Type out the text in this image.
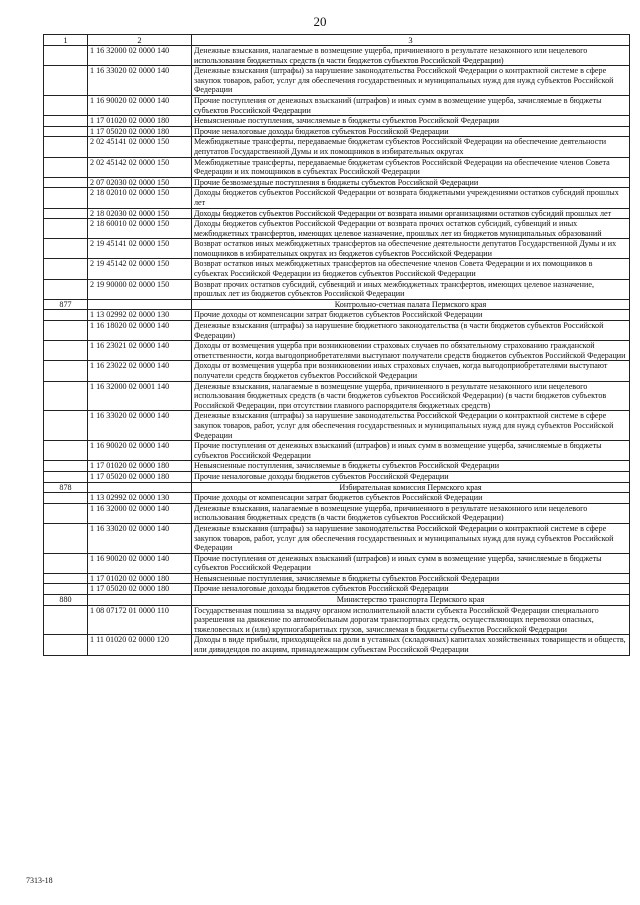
20
1	2	3
	1 16 32000 02 0000 140	Денежные взыскания, налагаемые в возмещение ущерба, причиненного в результате незаконного или нецелевого использования бюджетных средств (в части бюджетов субъектов Российской Федерации)
	1 16 33020 02 0000 140	Денежные взыскания (штрафы) за нарушение законодательства Российской Федерации о контрактной системе в сфере закупок товаров, работ, услуг для обеспечения государственных и муниципальных нужд для нужд субъектов Российской Федерации
	1 16 90020 02 0000 140	Прочие поступления от денежных взысканий (штрафов) и иных сумм в возмещение ущерба, зачисляемые в бюджеты субъектов Российской Федерации
	1 17 01020 02 0000 180	Невыясненные поступления, зачисляемые в бюджеты субъектов Российской Федерации
	1 17 05020 02 0000 180	Прочие неналоговые доходы бюджетов субъектов Российской Федерации
	2 02 45141 02 0000 150	Межбюджетные трансферты, передаваемые бюджетам субъектов Российской Федерации на обеспечение деятельности депутатов Государственной Думы и их помощников в избирательных округах
	2 02 45142 02 0000 150	Межбюджетные трансферты, передаваемые бюджетам субъектов Российской Федерации на обеспечение членов Совета Федерации и их помощников в субъектах Российской Федерации
	2 07 02030 02 0000 150	Прочие безвозмездные поступления в бюджеты субъектов Российской Федерации
	2 18 02010 02 0000 150	Доходы бюджетов субъектов Российской Федерации от возврата бюджетными учреждениями остатков субсидий прошлых лет
	2 18 02030 02 0000 150	Доходы бюджетов субъектов Российской Федерации от возврата иными организациями остатков субсидий прошлых лет
	2 18 60010 02 0000 150	Доходы бюджетов субъектов Российской Федерации от возврата прочих остатков субсидий, субвенций и иных межбюджетных трансфертов, имеющих целевое назначение, прошлых лет из бюджетов муниципальных образований
	2 19 45141 02 0000 150	Возврат остатков иных межбюджетных трансфертов на обеспечение деятельности депутатов Государственной Думы и их помощников в избирательных округах из бюджетов субъектов Российской Федерации
	2 19 45142 02 0000 150	Возврат остатков иных межбюджетных трансфертов на обеспечение членов Совета Федерации и их помощников в субъектах Российской Федерации из бюджетов субъектов Российской Федерации
	2 19 90000 02 0000 150	Возврат прочих остатков субсидий, субвенций и иных межбюджетных трансфертов, имеющих целевое назначение, прошлых лет из бюджетов субъектов Российской Федерации
877		Контрольно-счетная палата Пермского края
	1 13 02992 02 0000 130	Прочие доходы от компенсации затрат бюджетов субъектов Российской Федерации
	1 16 18020 02 0000 140	Денежные взыскания (штрафы) за нарушение бюджетного законодательства (в части бюджетов субъектов Российской Федерации)
	1 16 23021 02 0000 140	Доходы от возмещения ущерба при возникновении страховых случаев по обязательному страхованию гражданской ответственности, когда выгодоприобретателями выступают получатели средств бюджетов субъектов Российской Федерации
	1 16 23022 02 0000 140	Доходы от возмещения ущерба при возникновении иных страховых случаев, когда выгодоприобретателями выступают получатели средств бюджетов субъектов Российской Федерации
	1 16 32000 02 0001 140	Денежные взыскания, налагаемые в возмещение ущерба, причиненного в результате незаконного или нецелевого использования бюджетных средств (в части бюджетов субъектов Российской Федерации) (в части бюджетов субъектов Российской Федерации, при отсутствии главного распорядителя бюджетных средств)
	1 16 33020 02 0000 140	Денежные взыскания (штрафы) за нарушение законодательства Российской Федерации о контрактной системе в сфере закупок товаров, работ, услуг для обеспечения государственных и муниципальных нужд для нужд субъектов Российской Федерации
	1 16 90020 02 0000 140	Прочие поступления от денежных взысканий (штрафов) и иных сумм в возмещение ущерба, зачисляемые в бюджеты субъектов Российской Федерации
	1 17 01020 02 0000 180	Невыясненные поступления, зачисляемые в бюджеты субъектов Российской Федерации
	1 17 05020 02 0000 180	Прочие неналоговые доходы бюджетов субъектов Российской Федерации
878		Избирательная комиссия Пермского края
	1 13 02992 02 0000 130	Прочие доходы от компенсации затрат бюджетов субъектов Российской Федерации
	1 16 32000 02 0000 140	Денежные взыскания, налагаемые в возмещение ущерба, причиненного в результате незаконного или нецелевого использования бюджетных средств (в части бюджетов субъектов Российской Федерации)
	1 16 33020 02 0000 140	Денежные взыскания (штрафы) за нарушение законодательства Российской Федерации о контрактной системе в сфере закупок товаров, работ, услуг для обеспечения государственных и муниципальных нужд для нужд субъектов Российской Федерации
	1 16 90020 02 0000 140	Прочие поступления от денежных взысканий (штрафов) и иных сумм в возмещение ущерба, зачисляемые в бюджеты субъектов Российской Федерации
	1 17 01020 02 0000 180	Невыясненные поступления, зачисляемые в бюджеты субъектов Российской Федерации
	1 17 05020 02 0000 180	Прочие неналоговые доходы бюджетов субъектов Российской Федерации
880		Министерство транспорта Пермского края
	1 08 07172 01 0000 110	Государственная пошлина за выдачу органом исполнительной власти субъекта Российской Федерации специального разрешения на движение по автомобильным дорогам транспортных средств, осуществляющих перевозки опасных, тяжеловесных и (или) крупногабаритных грузов, зачисляемая в бюджеты субъектов Российской Федерации
	1 11 01020 02 0000 120	Доходы в виде прибыли, приходящейся на доли в уставных (складочных) капиталах хозяйственных товариществ и обществ, или дивидендов по акциям, принадлежащим субъектам Российской Федерации
7313-18
